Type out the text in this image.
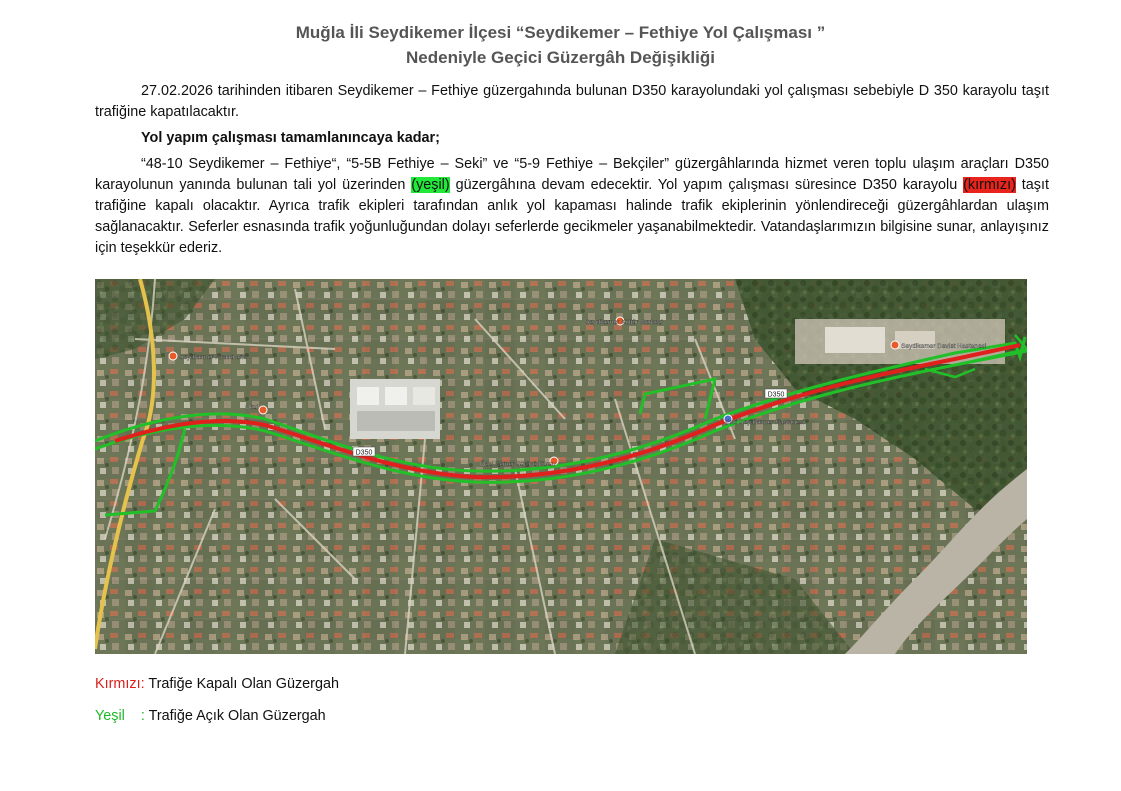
Muğla İli Seydikemer İlçesi “Seydikemer – Fethiye Yol Çalışması ”
Nedeniyle Geçici Güzergâh Değişikliği
27.02.2026 tarihinden itibaren Seydikemer – Fethiye güzergahında bulunan D350 karayolundaki yol çalışması sebebiyle D 350 karayolu taşıt trafiğine kapatılacaktır.
Yol yapım çalışması tamamlanıncaya kadar;
“48-10 Seydikemer – Fethiye“, “5-5B Fethiye – Seki” ve “5-9 Fethiye – Bekçiler” güzergâhlarında hizmet veren toplu ulaşım araçları D350 karayolunun yanında bulunan tali yol üzerinden (yeşil) güzergâhına devam edecektir. Yol yapım çalışması süresince D350 karayolu (kırmızı) taşıt trafiğine kapalı olacaktır. Ayrıca trafik ekipleri tarafından anlık yol kapaması halinde trafik ekiplerinin yönlendireceği güzergâhlardan ulaşım sağlanacaktır. Seferler esnasında trafik yoğunluğundan dolayı seferlerde gecikmeler yaşanabilmektedir. Vatandaşlarımızın bilgisine sunar, anlayışınız için teşekkür ederiz.
D350
D350
Seydikemer Kıraathane
Seydikemer Kültür Merkezi
Özel Kemer Sürücü Kursu
Eski Seydikemer Hastanesi
Seydikemer Devlet Hastanesi
Okul
Kırmızı: Trafiğe Kapalı Olan Güzergah
Yeşil    : Trafiğe Açık Olan Güzergah
